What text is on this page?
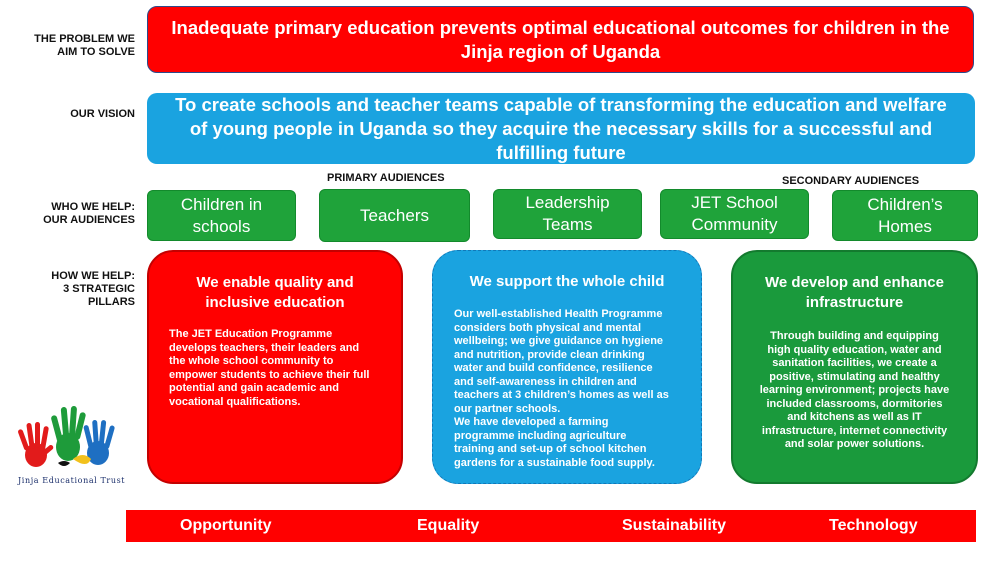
THE PROBLEM WE
AIM TO SOLVE
OUR VISION
WHO WE HELP:
OUR AUDIENCES
HOW WE HELP:
3 STRATEGIC
PILLARS
Inadequate primary education prevents optimal educational outcomes for children in the
Jinja region of Uganda
To create schools and teacher teams capable of transforming the education and welfare
of young people in Uganda so they acquire the necessary skills for a successful and
fulfilling future
PRIMARY AUDIENCES	SECONDARY AUDIENCES
Children in
schools
Teachers
Leadership
Teams
JET School
Community
Children’s
Homes
We enable quality and
inclusive education

The JET Education Programme

develops teachers, their leaders and

the whole school community to

empower students to achieve their full

potential and gain academic and

vocational qualifications.

We support the whole child

Our well-established Health Programme

considers both physical and mental

wellbeing; we give guidance on hygiene

and nutrition, provide clean drinking

water and build confidence, resilience

and self-awareness in children and

teachers at 3 children’s homes as well as

our partner schools.

We have developed a farming

programme including agriculture

training and set-up of school kitchen

gardens for a sustainable food supply.

We develop and enhance
infrastructure

Through building and equipping

high quality education, water and

sanitation facilities, we create a

positive, stimulating and healthy

learning environment; projects have

included classrooms, dormitories

and kitchens as well as IT

infrastructure, internet connectivity

and solar power solutions.

Jinja Educational Trust
Opportunity	Equality	Sustainability	Technology
